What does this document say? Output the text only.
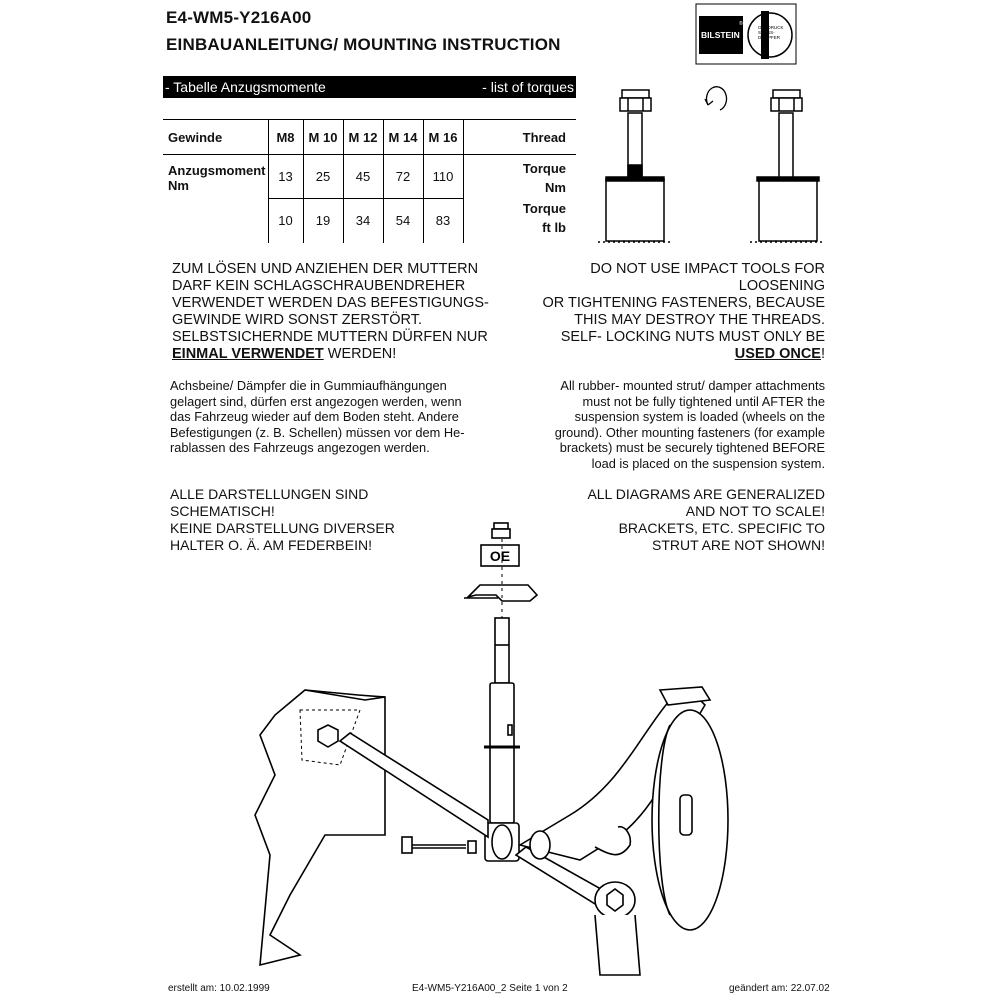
E4-WM5-Y216A00
EINBAUANLEITUNG/ MOUNTING INSTRUCTION	BILSTEIN
®
GASDRUCK
STOSS-
DÄMPFER
- Tabelle Anzugsmomente	- list of torques
Gewinde	M8	M 10	M 12	M 14	M 16	Thread
Anzugsmoment Nm	13	25	45	72	110	Torque
Nm

	10	19	34	54	83	Torque
ft lb
ZUM LÖSEN UND ANZIEHEN DER MUTTERN
DARF KEIN SCHLAGSCHRAUBENDREHER
VERWENDET WERDEN DAS BEFESTIGUNGS-
GEWINDE WIRD SONST ZERSTÖRT.
SELBSTSICHERNDE MUTTERN DÜRFEN NUR
EINMAL VERWENDET WERDEN!
DO NOT USE IMPACT TOOLS FOR LOOSENING
OR TIGHTENING FASTENERS, BECAUSE
THIS MAY DESTROY THE THREADS.
SELF- LOCKING NUTS MUST ONLY BE
USED ONCE!
Achsbeine/ Dämpfer die in Gummiaufhängungen
gelagert sind, dürfen erst angezogen werden, wenn
das Fahrzeug wieder auf dem Boden steht. Andere
Befestigungen (z. B. Schellen) müssen vor dem He-
rablassen des Fahrzeugs angezogen werden.
All rubber- mounted strut/ damper attachments
must not be fully tightened until AFTER the
suspension system is loaded (wheels on the
ground). Other mounting fasteners (for example
brackets) must be securely tightened BEFORE
load is placed on the suspension system.
ALLE DARSTELLUNGEN SIND SCHEMATISCH!
KEINE DARSTELLUNG DIVERSER
HALTER O. Ä. AM FEDERBEIN!
ALL DIAGRAMS ARE GENERALIZED
AND NOT TO SCALE!
BRACKETS, ETC. SPECIFIC TO
STRUT ARE NOT SHOWN!
OE
erstellt am: 10.02.1999	E4-WM5-Y216A00_2 Seite 1 von 2	geändert am: 22.07.02
